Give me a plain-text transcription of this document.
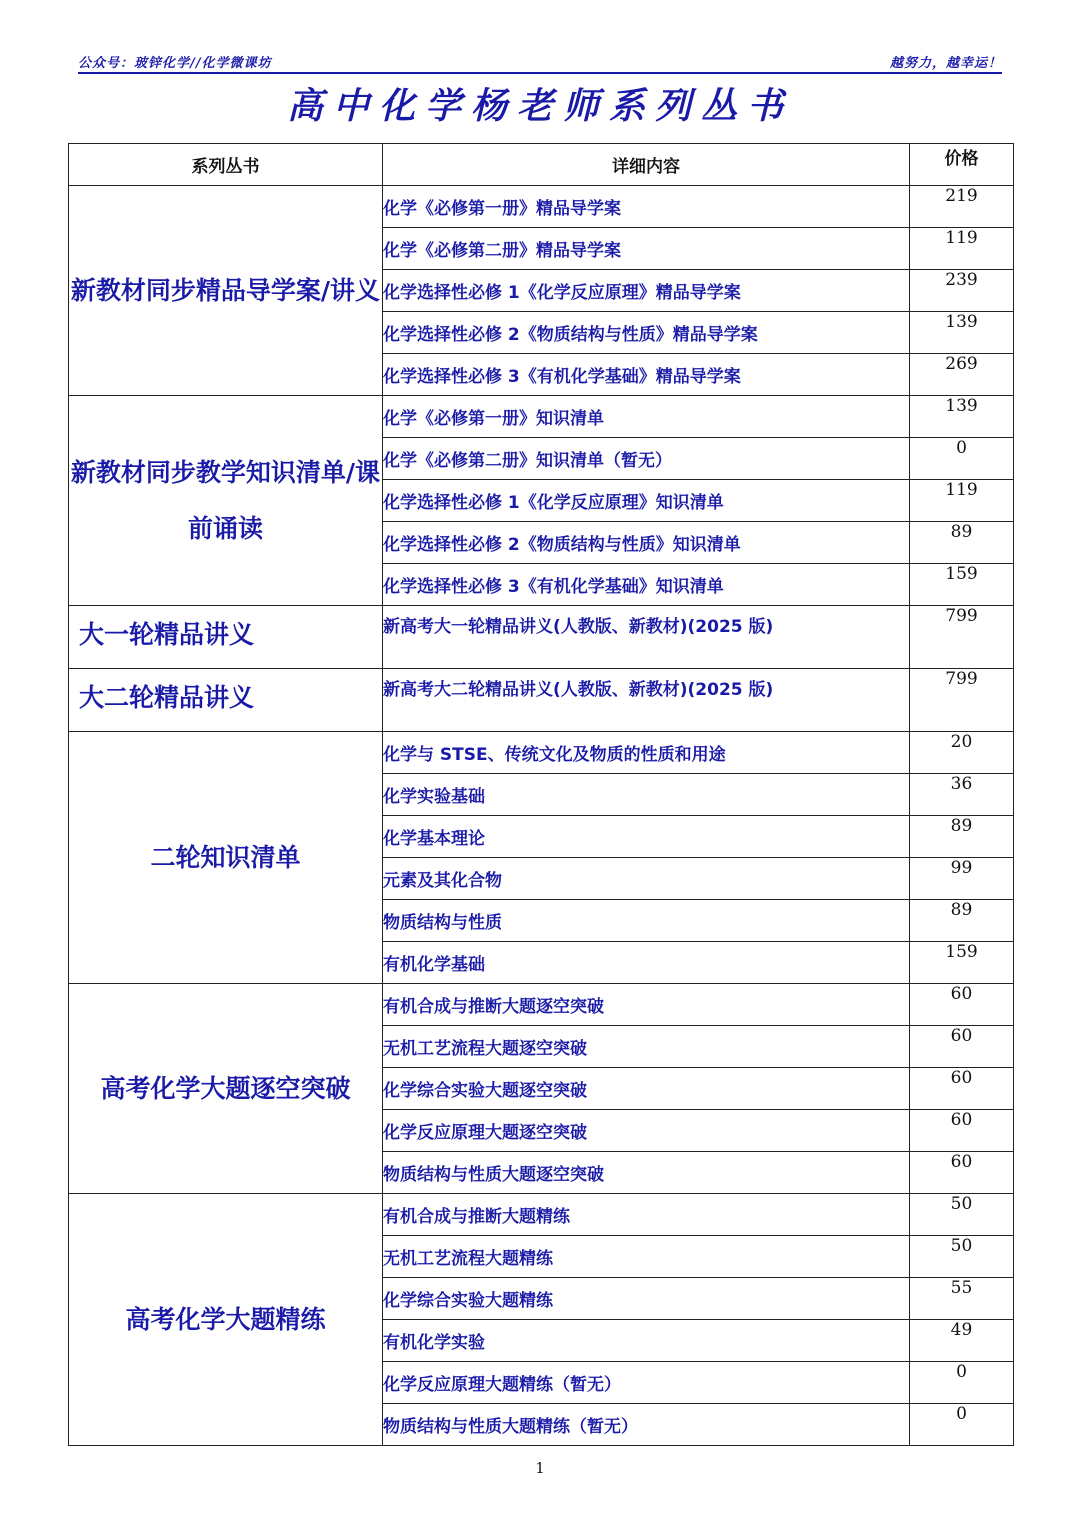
公众号：玻锌化学//化学微课坊	越努力，越幸运！
高中化学杨老师系列丛书
系列丛书	详细内容	价格
新教材同步精品导学案/讲义	化学《必修第一册》精品导学案	219
	化学《必修第二册》精品导学案	119
	化学选择性必修 1《化学反应原理》精品导学案	239
	化学选择性必修 2《物质结构与性质》精品导学案	139
	化学选择性必修 3《有机化学基础》精品导学案	269
新教材同步教学知识清单/课前诵读	化学《必修第一册》知识清单	139
	化学《必修第二册》知识清单（暂无）	0
	化学选择性必修 1《化学反应原理》知识清单	119
	化学选择性必修 2《物质结构与性质》知识清单	89
	化学选择性必修 3《有机化学基础》知识清单	159
大一轮精品讲义	新高考大一轮精品讲义(人教版、新教材)(2025 版)	799
大二轮精品讲义	新高考大二轮精品讲义(人教版、新教材)(2025 版)	799
二轮知识清单	化学与 STSE、传统文化及物质的性质和用途	20
	化学实验基础	36
	化学基本理论	89
	元素及其化合物	99
	物质结构与性质	89
	有机化学基础	159
高考化学大题逐空突破	有机合成与推断大题逐空突破	60
	无机工艺流程大题逐空突破	60
	化学综合实验大题逐空突破	60
	化学反应原理大题逐空突破	60
	物质结构与性质大题逐空突破	60
高考化学大题精练	有机合成与推断大题精练	50
	无机工艺流程大题精练	50
	化学综合实验大题精练	55
	有机化学实验	49
	化学反应原理大题精练（暂无）	0
	物质结构与性质大题精练（暂无）	0
1
